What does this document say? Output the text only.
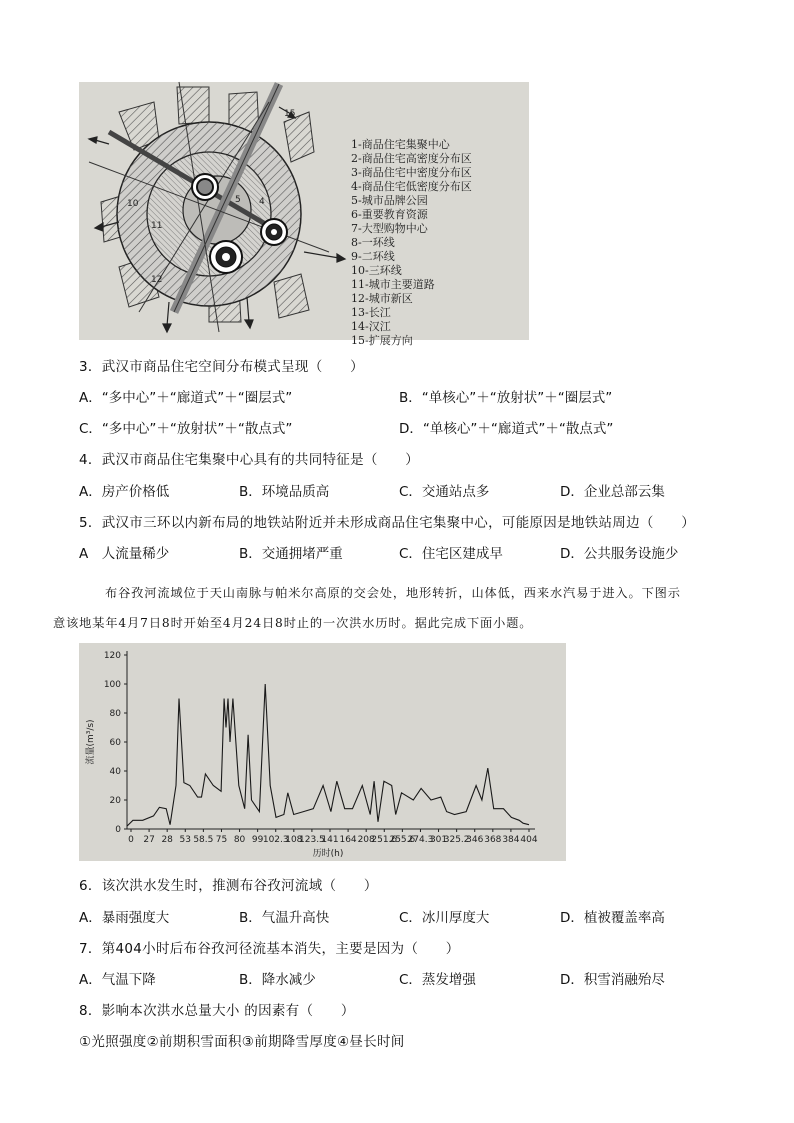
15
10
11
12
4
5
1-商品住宅集聚中心
2-商品住宅高密度分布区
3-商品住宅中密度分布区
4-商品住宅低密度分布区
5-城市品牌公园
6-重要教育资源
7-大型购物中心
8-一环线
9-二环线
10-三环线
11-城市主要道路
12-城市新区
13-长江
14-汉江
15-扩展方向
3．武汉市商品住宅空间分布模式呈现（　　）
A．“多中心”＋“廊道式”＋“圈层式”	B．“单核心”＋“放射状”＋“圈层式”
C．“多中心”＋“放射状”＋“散点式”	D．“单核心”＋“廊道式”＋“散点式”
4．武汉市商品住宅集聚中心具有的共同特征是（　　）
A．房产价格低	B．环境品质高	C．交通站点多	D．企业总部云集
5．武汉市三环以内新布局的地铁站附近并未形成商品住宅集聚中心，可能原因是地铁站周边（　　）
A　人流量稀少	B．交通拥堵严重	C．住宅区建成早	D．公共服务设施少
布谷孜河流域位于天山南脉与帕米尔高原的交会处，地形转折，山体低，西来水汽易于进入。下图示
意该地某年4月7日8时开始至4月24日8时止的一次洪水历时。据此完成下面小题。
0
20
40
60
80
100
120
流量(m³/s)
0 27 28 53 58.5 75 80 99 102.3
108
123.5
141 164 208
251.6
255.6
274.3
301
325.2
346 368 384 404
历时(h)
6．该次洪水发生时，推测布谷孜河流域（　　）
A．暴雨强度大	B．气温升高快	C．冰川厚度大	D．植被覆盖率高
7．第404小时后布谷孜河径流基本消失，主要是因为（　　）
A．气温下降	B．降水减少	C．蒸发增强	D．积雪消融殆尽
8．影响本次洪水总量大小 的因素有（　　）
①光照强度②前期积雪面积③前期降雪厚度④昼长时间
